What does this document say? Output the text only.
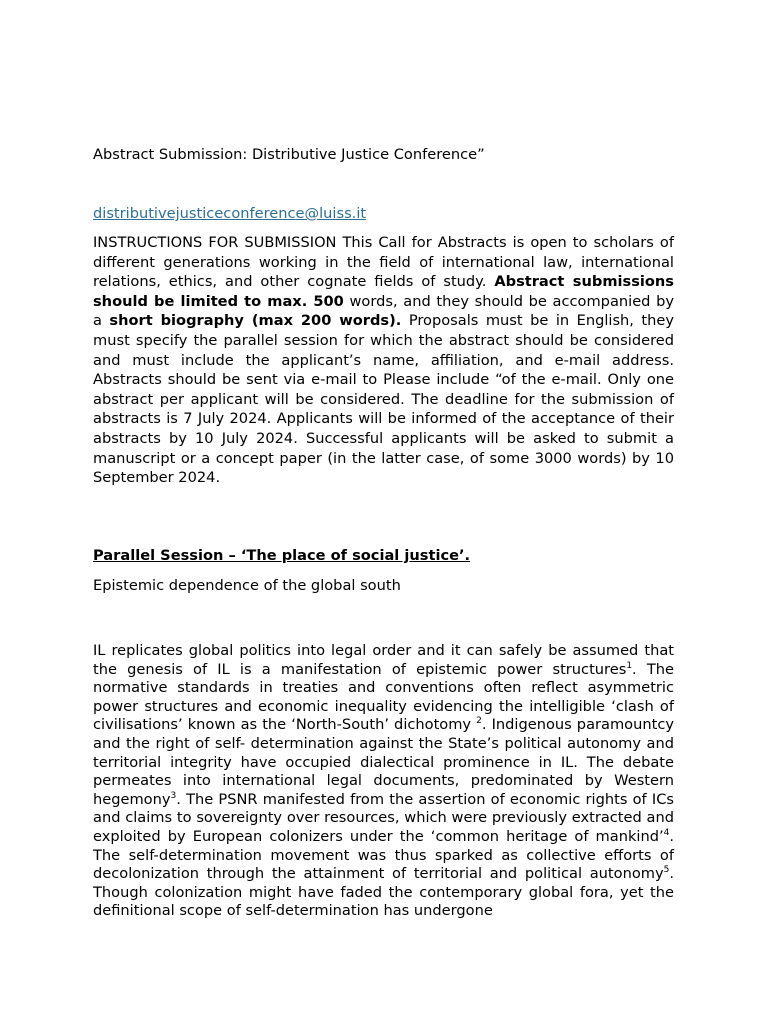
Abstract Submission: Distributive Justice Conference”
distributivejusticeconference@luiss.it

INSTRUCTIONS FOR SUBMISSION This Call for Abstracts is open to scholars of different generations working in the field of international law, international relations, ethics, and other cognate fields of study. Abstract submissions should be limited to max. 500 words, and they should be accompanied by a short biography (max 200 words). Proposals must be in English, they must specify the parallel session for which the abstract should be considered and must include the applicant’s name, affiliation, and e-mail address. Abstracts should be sent via e-mail to Please include “of the e-mail. Only one abstract per applicant will be considered. The deadline for the submission of abstracts is 7 July 2024. Applicants will be informed of the acceptance of their abstracts by 10 July 2024. Successful applicants will be asked to submit a manuscript or a concept paper (in the latter case, of some 3000 words) by 10 September 2024.

Parallel Session – ‘The place of social justice’.
Epistemic dependence of the global south

IL replicates global politics into legal order and it can safely be assumed that the genesis of IL is a manifestation of epistemic power structures$^1$. The normative standards in treaties and conventions often reflect asymmetric power structures and economic inequality evidencing the intelligible ‘clash of civilisations’ known as the ‘North-South’ dichotomy $^2$. Indigenous paramountcy and the right of self- determination against the State’s political autonomy and territorial integrity have occupied dialectical prominence in IL. The debate permeates into international legal documents, predominated by Western hegemony$^3$. The PSNR manifested from the assertion of economic rights of ICs and claims to sovereignty over resources, which were previously extracted and exploited by European colonizers under the ‘common heritage of mankind’$^4$. The self-determination movement was thus sparked as collective efforts of decolonization through the attainment of territorial and political autonomy$^5$. Though colonization might have faded the contemporary global fora, yet the definitional scope of self-determination has undergone
